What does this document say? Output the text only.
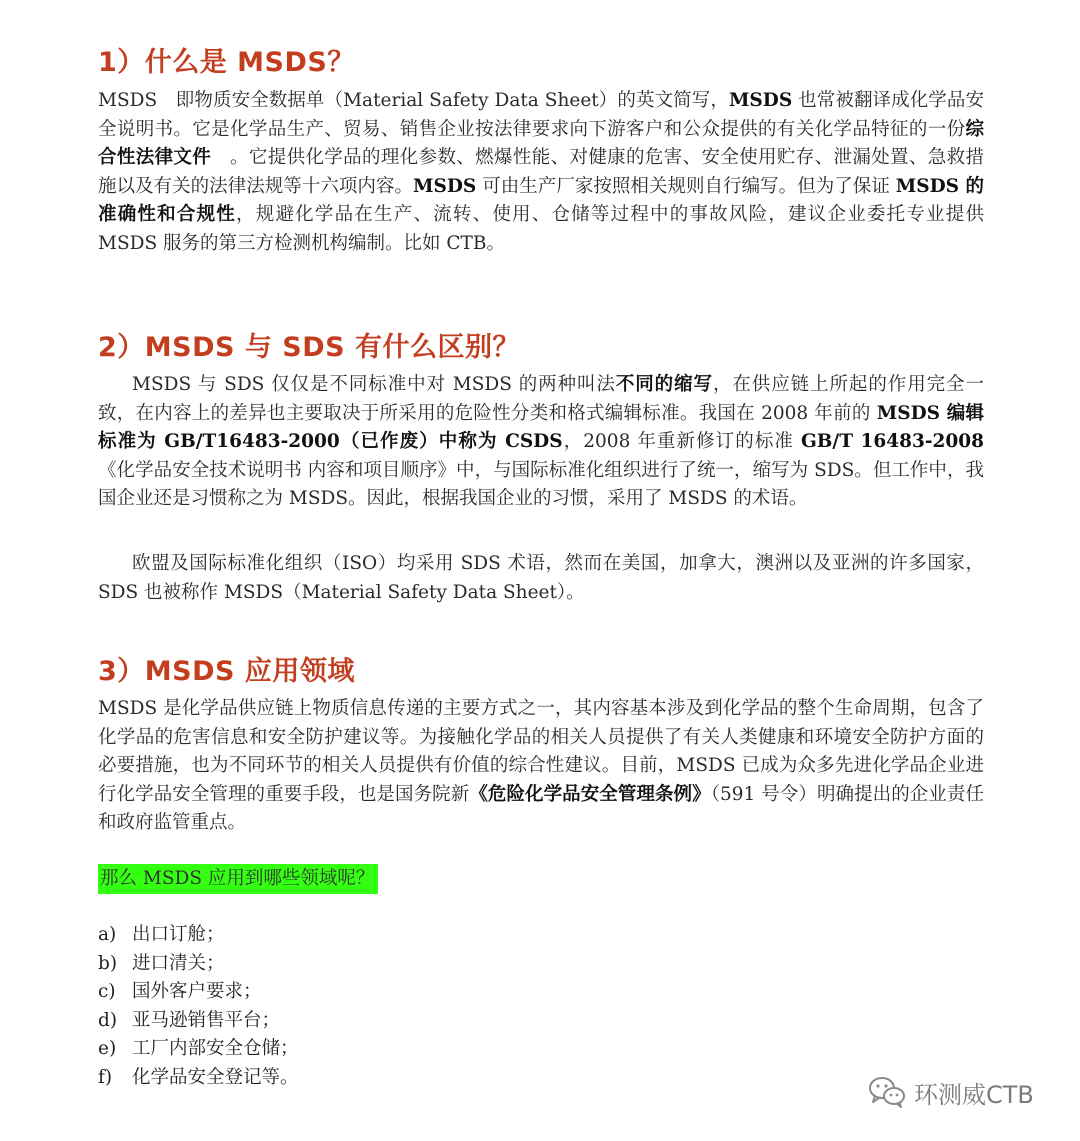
1）什么是 MSDS？

MSDS　即物质安全数据单（Material Safety Data Sheet）的英文简写，MSDS 也常被翻译成化学品安全说明书。它是化学品生产、贸易、销售企业按法律要求向下游客户和公众提供的有关化学品特征的一份综合性法律文件　。它提供化学品的理化参数、燃爆性能、对健康的危害、安全使用贮存、泄漏处置、急救措施以及有关的法律法规等十六项内容。MSDS 可由生产厂家按照相关规则自行编写。但为了保证 MSDS 的准确性和合规性，规避化学品在生产、流转、使用、仓储等过程中的事故风险，建议企业委托专业提供 MSDS 服务的第三方检测机构编制。比如 CTB。

2）MSDS 与 SDS 有什么区别？

MSDS 与 SDS 仅仅是不同标准中对 MSDS 的两种叫法不同的缩写，在供应链上所起的作用完全一致，在内容上的差异也主要取决于所采用的危险性分类和格式编辑标准。我国在 2008 年前的 MSDS 编辑标准为 GB/T16483-2000（已作废）中称为 CSDS，2008 年重新修订的标准 GB/T 16483-2008《化学品安全技术说明书 内容和项目顺序》中，与国际标准化组织进行了统一，缩写为 SDS。但工作中，我国企业还是习惯称之为 MSDS。因此，根据我国企业的习惯，采用了 MSDS 的术语。

欧盟及国际标准化组织（ISO）均采用 SDS 术语，然而在美国，加拿大，澳洲以及亚洲的许多国家，SDS 也被称作 MSDS（Material Safety Data Sheet）。

3）MSDS 应用领域

MSDS 是化学品供应链上物质信息传递的主要方式之一，其内容基本涉及到化学品的整个生命周期，包含了化学品的危害信息和安全防护建议等。为接触化学品的相关人员提供了有关人类健康和环境安全防护方面的必要措施，也为不同环节的相关人员提供有价值的综合性建议。目前，MSDS 已成为众多先进化学品企业进行化学品安全管理的重要手段，也是国务院新《危险化学品安全管理条例》（591 号令）明确提出的企业责任和政府监管重点。

那么 MSDS 应用到哪些领域呢？

a) 出口订舱；
b) 进口清关；
c) 国外客户要求；
d) 亚马逊销售平台；
e) 工厂内部安全仓储；
f) 化学品安全登记等。
环测威CTB
